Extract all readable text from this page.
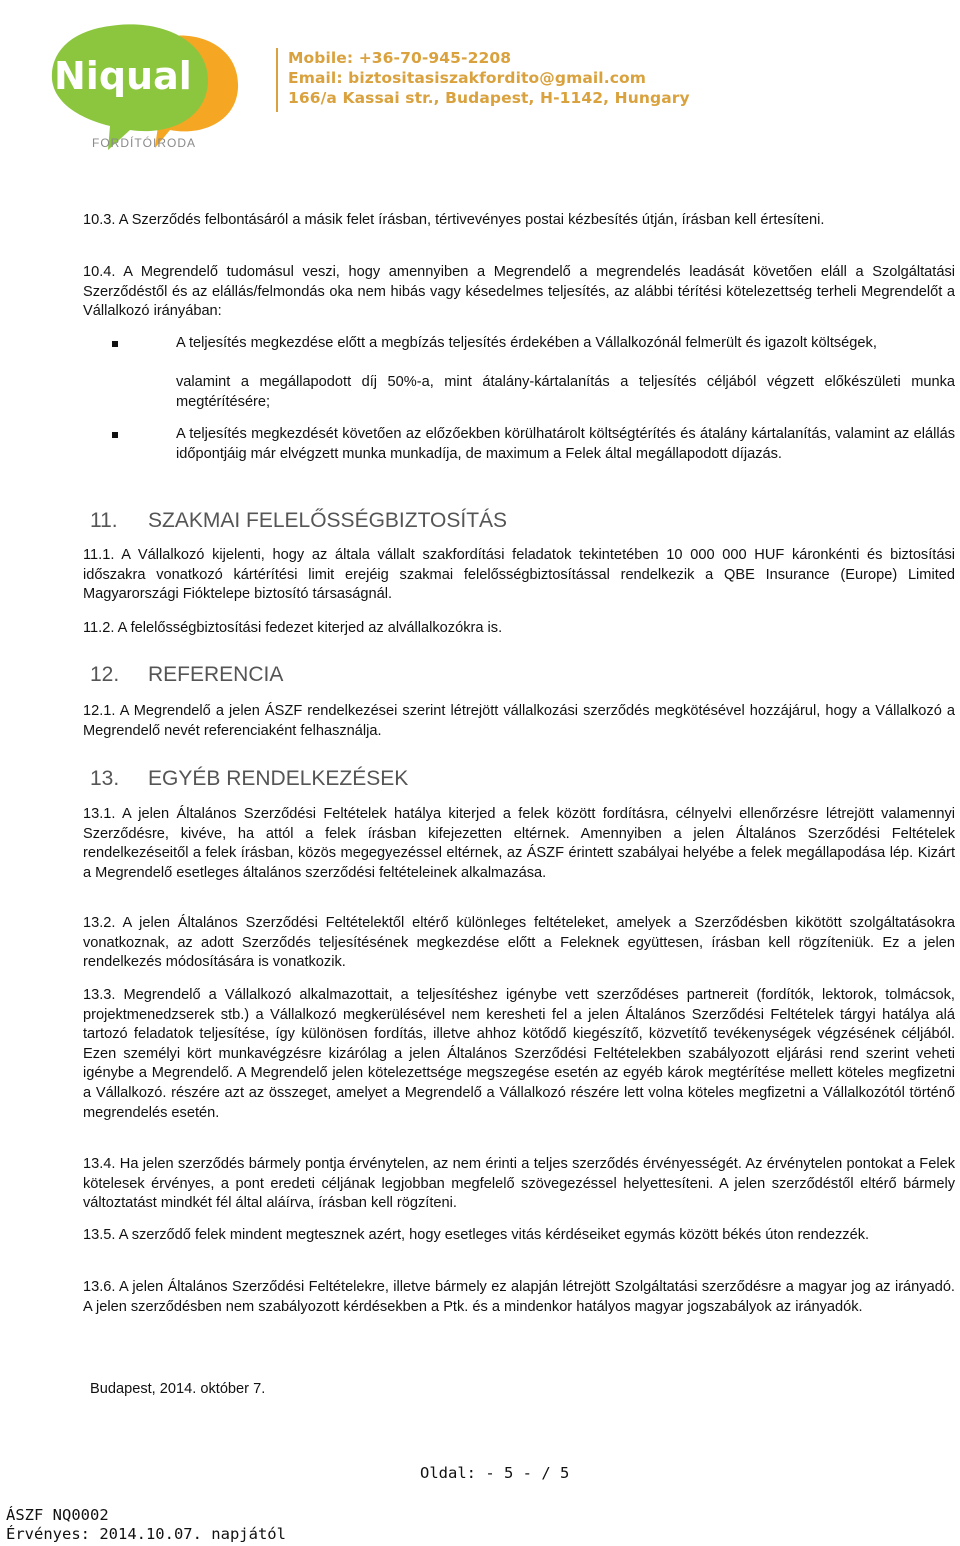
Niqual
FORDÍTÓIRODA
Mobile: +36-70-945-2208
Email: biztositasiszakfordito@gmail.com
166/a Kassai str., Budapest, H-1142, Hungary

10.3. A Szerződés felbontásáról a másik felet írásban, tértivevényes postai kézbesítés útján, írásban kell értesíteni.

10.4. A Megrendelő tudomásul veszi, hogy amennyiben a Megrendelő a megrendelés leadását követően eláll a Szolgáltatási Szerződéstől és az elállás/felmondás oka nem hibás vagy késedelmes teljesítés, az alábbi térítési kötelezettség terheli Megrendelőt a Vállalkozó irányában:

A teljesítés megkezdése előtt a megbízás teljesítés érdekében a Vállalkozónál felmerült és igazolt költségek,

valamint a megállapodott díj 50%-a, mint átalány-kártalanítás a teljesítés céljából végzett előkészületi munka megtérítésére;

A teljesítés megkezdését követően az előzőekben körülhatárolt költségtérítés és átalány kártalanítás, valamint az elállás időpontjáig már elvégzett munka munkadíja, de maximum a Felek által megállapodott díjazás.

11. SZAKMAI FELELŐSSÉGBIZTOSÍTÁS

11.1. A Vállalkozó kijelenti, hogy az általa vállalt szakfordítási feladatok tekintetében 10 000 000 HUF káronkénti és biztosítási időszakra vonatkozó kártérítési limit erejéig szakmai felelősségbiztosítással rendelkezik a QBE Insurance (Europe) Limited Magyarországi Fióktelepe biztosító társaságnál.

11.2. A felelősségbiztosítási fedezet kiterjed az alvállalkozókra is.

12. REFERENCIA

12.1. A Megrendelő a jelen ÁSZF rendelkezései szerint létrejött vállalkozási szerződés megkötésével hozzájárul, hogy a Vállalkozó a Megrendelő nevét referenciaként felhasználja.

13. EGYÉB RENDELKEZÉSEK

13.1. A jelen Általános Szerződési Feltételek hatálya kiterjed a felek között fordításra, célnyelvi ellenőrzésre létrejött valamennyi Szerződésre, kivéve, ha attól a felek írásban kifejezetten eltérnek. Amennyiben a jelen Általános Szerződési Feltételek rendelkezéseitől a felek írásban, közös megegyezéssel eltérnek, az ÁSZF érintett szabályai helyébe a felek megállapodása lép. Kizárt a Megrendelő esetleges általános szerződési feltételeinek alkalmazása.

13.2. A jelen Általános Szerződési Feltételektől eltérő különleges feltételeket, amelyek a Szerződésben kikötött szolgáltatásokra vonatkoznak, az adott Szerződés teljesítésének megkezdése előtt a Feleknek együttesen, írásban kell rögzíteniük. Ez a jelen rendelkezés módosítására is vonatkozik.

13.3. Megrendelő a Vállalkozó alkalmazottait, a teljesítéshez igénybe vett szerződéses partnereit (fordítók, lektorok, tolmácsok, projektmenedzserek stb.) a Vállalkozó megkerülésével nem keresheti fel a jelen Általános Szerződési Feltételek tárgyi hatálya alá tartozó feladatok teljesítése, így különösen fordítás, illetve ahhoz kötődő kiegészítő, közvetítő tevékenységek végzésének céljából. Ezen személyi kört munkavégzésre kizárólag a jelen Általános Szerződési Feltételekben szabályozott eljárási rend szerint veheti igénybe a Megrendelő. A Megrendelő jelen kötelezettsége megszegése esetén az egyéb károk megtérítése mellett köteles megfizetni a Vállalkozó. részére azt az összeget, amelyet a Megrendelő a Vállalkozó részére lett volna köteles megfizetni a Vállalkozótól történő megrendelés esetén.

13.4. Ha jelen szerződés bármely pontja érvénytelen, az nem érinti a teljes szerződés érvényességét. Az érvénytelen pontokat a Felek kötelesek érvényes, a pont eredeti céljának legjobban megfelelő szövegezéssel helyettesíteni. A jelen szerződéstől eltérő bármely változtatást mindkét fél által aláírva, írásban kell rögzíteni.

13.5. A szerződő felek mindent megtesznek azért, hogy esetleges vitás kérdéseiket egymás között békés úton rendezzék.

13.6. A jelen Általános Szerződési Feltételekre, illetve bármely ez alapján létrejött Szolgáltatási szerződésre a magyar jog az irányadó. A jelen szerződésben nem szabályozott kérdésekben a Ptk. és a mindenkor hatályos magyar jogszabályok az irányadók.

Budapest, 2014. október 7.
Oldal: - 5 - / 5
ÁSZF NQ0002
Érvényes: 2014.10.07. napjától
